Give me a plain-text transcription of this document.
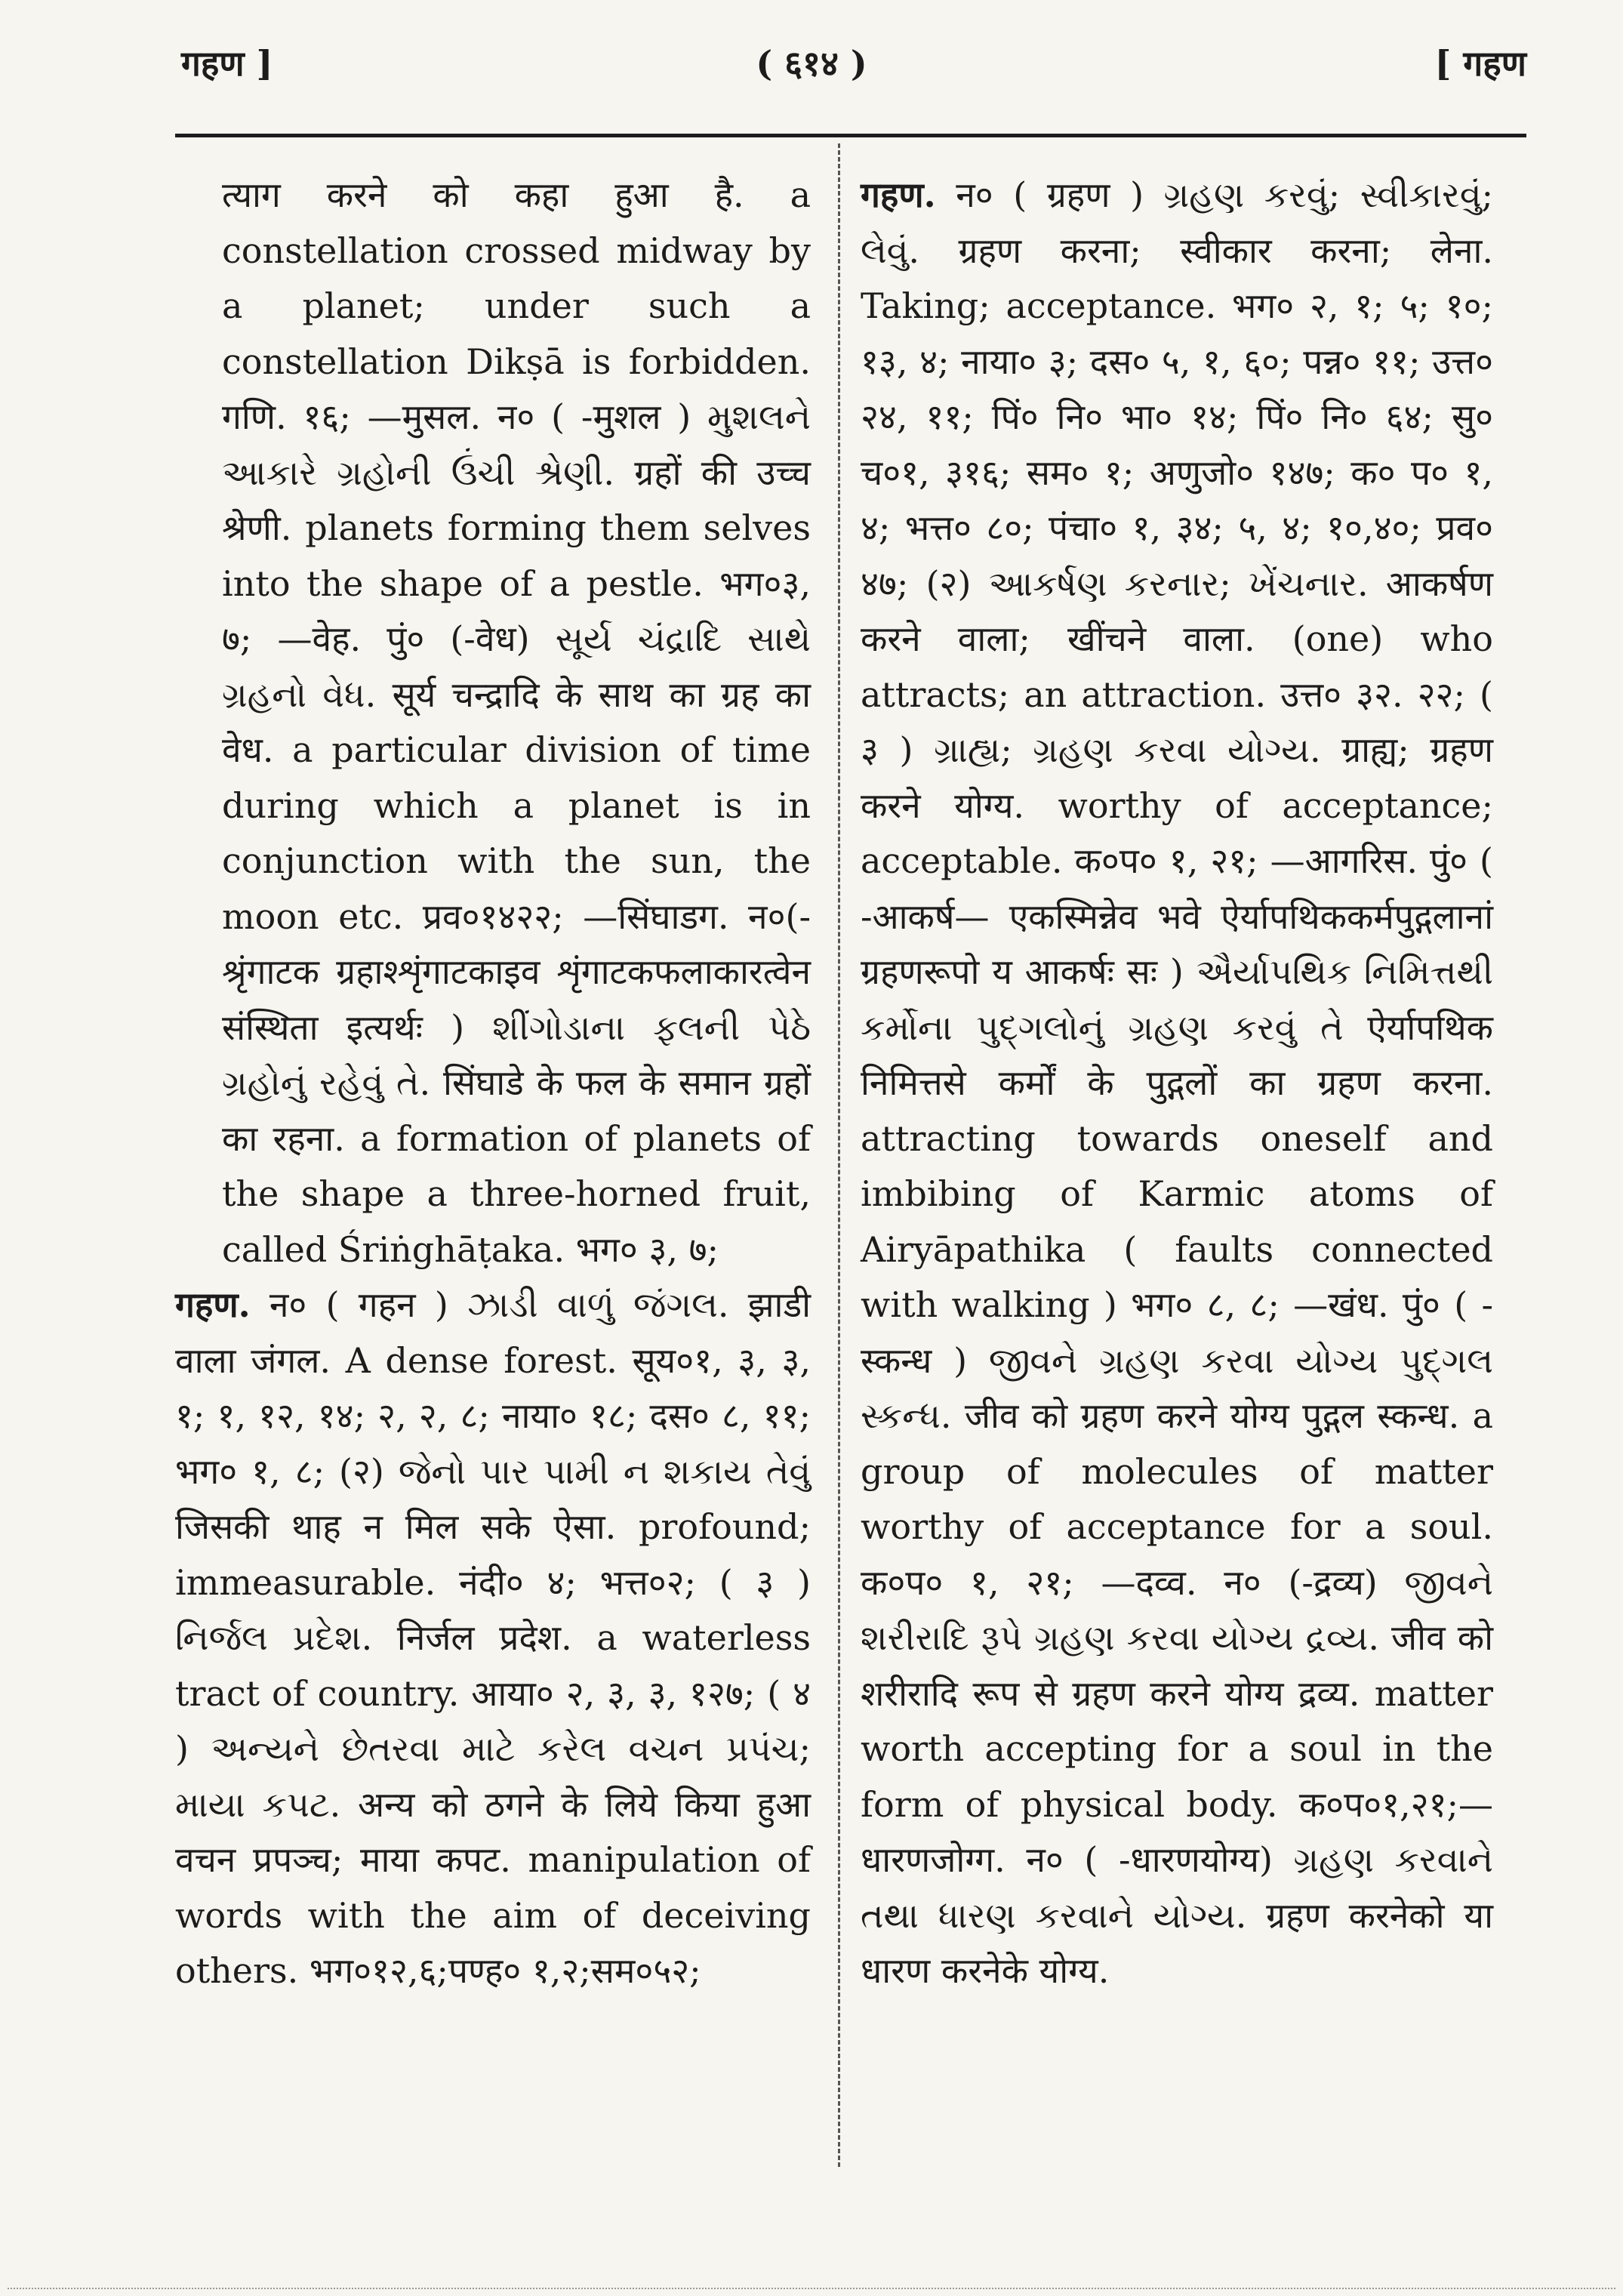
गहण ]	( ६१४ )	[ गहण

त्याग करने को कहा हुआ है. a constellation crossed midway by a planet; under such a constellation Dikṣā is forbidden. गणि. १६; —मुसल. न० ( -मुशल ) મુશલને આકારે ગ્રહોની ઉંચી શ્રેણી. ग्रहों की उच्च श्रेणी. planets forming them selves into the shape of a pestle. भग०३, ७; —वेह. पुं० (-वेध) સૂર્ય ચંદ્રાદિ સાથે ગ્રહનો વેધ. सूर्य चन्द्रादि के साथ का ग्रह का वेध. a particular division of time during which a planet is in conjunction with the sun, the moon etc. प्रव०१४२२; —सिंघाडग. न०(-श्रृंगाटक ग्रहाश्शृंगाटकाइव शृंगाटकफलाकारत्वेन संस्थिता इत्यर्थः ) શીંગોડાના ફલની પેઠે ગ્રહોનું રહેવું તે. सिंघाडे के फल के समान ग्रहों का रहना. a formation of planets of the shape a three-horned fruit, called Śriṅghāṭaka. भग० ३, ७;

गहण. न० ( गहन ) ઝાડી વાળું જંગલ. झाडी वाला जंगल. A dense forest. सूय०१, ३, ३, १; १, १२, १४; २, २, ८; नाया० १८; दस० ८, ११; भग० १, ८; (२) જેનો પાર પામી ન શકાય તેવું जिसकी थाह न मिल सके ऐसा. profound; immeasurable. नंदी० ४; भत्त०२; ( ३ ) નિર્જલ પ્રદેશ. निर्जल प्रदेश. a waterless tract of country. आया० २, ३, ३, १२७; ( ४ ) અન્યને છેતરવા માટે કરેલ વચન પ્રપંચ; માયા કપટ. अन्य को ठगने के लिये किया हुआ वचन प्रपञ्च; माया कपट. manipulation of words with the aim of deceiving others. भग०१२,६;पण्ह० १,२;सम०५२;

गहण. न० ( ग्रहण ) ગ્રહણ કરવું; સ્વીકારવું; લેવું. ग्रहण करना; स्वीकार करना; लेना. Taking; acceptance. भग० २, १; ५; १०; १३, ४; नाया० ३; दस० ५, १, ६०; पन्न० ११; उत्त० २४, ११; पिं० नि० भा० १४; पिं० नि० ६४; सु० च०१, ३१६; सम० १; अणुजो० १४७; क० प० १, ४; भत्त० ८०; पंचा० १, ३४; ५, ४; १०,४०; प्रव० ४७; (२) આકર્ષણ કરનાર; ખેંચનાર. आकर्षण करने वाला; खींचने वाला. (one) who attracts; an attraction. उत्त० ३२. २२; ( ३ ) ગ્રાહ્ય; ગ્રહણ કરવા યોગ્ય. ग्राह्य; ग्रहण करने योग्य. worthy of acceptance; acceptable. क०प० १, २१; —आगरिस. पुं० ( -आकर्ष— एकस्मिन्नेव भवे ऐर्यापथिककर्मपुद्गलानां ग्रहणरूपो य आकर्षः सः ) ઐર્યાપથિક નિમિત્તથી કર્મોના પુદ્ગલોનું ગ્રહણ કરવું તે ऐर्यापथिक निमित्तसे कर्मों के पुद्गलों का ग्रहण करना. attracting towards oneself and imbibing of Karmic atoms of Airyāpathika ( faults connected with walking ) भग० ८, ८; —खंध. पुं० ( -स्कन्ध ) જીવને ગ્રહણ કરવા યોગ્ય પુદ્ગલ સ્કન્ધ. जीव को ग्रहण करने योग्य पुद्गल स्कन्ध. a group of molecules of matter worthy of acceptance for a soul. क०प० १, २१; —दव्व. न० (-द्रव्य) જીવને શરીરાદિ રૂપે ગ્રહણ કરવા યોગ્ય દ્રવ્ય. जीव को शरीरादि रूप से ग्रहण करने योग्य द्रव्य. matter worth accepting for a soul in the form of physical body. क०प०१,२१;—धारणजोग्ग. न० ( -धारणयोग्य) ગ્રહણ કરવાને તથા ધારણ કરવાને યોગ્ય. ग्रहण करनेको या धारण करनेके योग्य.
